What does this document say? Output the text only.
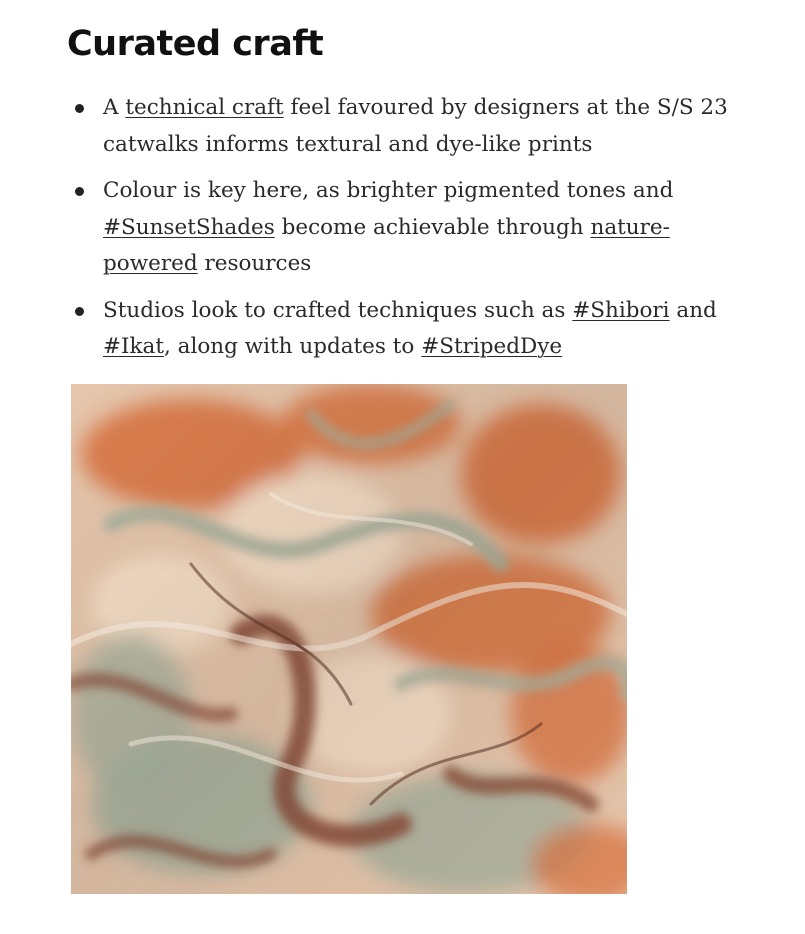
Curated craft
A technical craft feel favoured by designers at the S/S 23 catwalks informs textural and dye-like prints
Colour is key here, as brighter pigmented tones and #SunsetShades become achievable through nature-powered resources
Studios look to crafted techniques such as #Shibori and #Ikat, along with updates to #StripedDye
